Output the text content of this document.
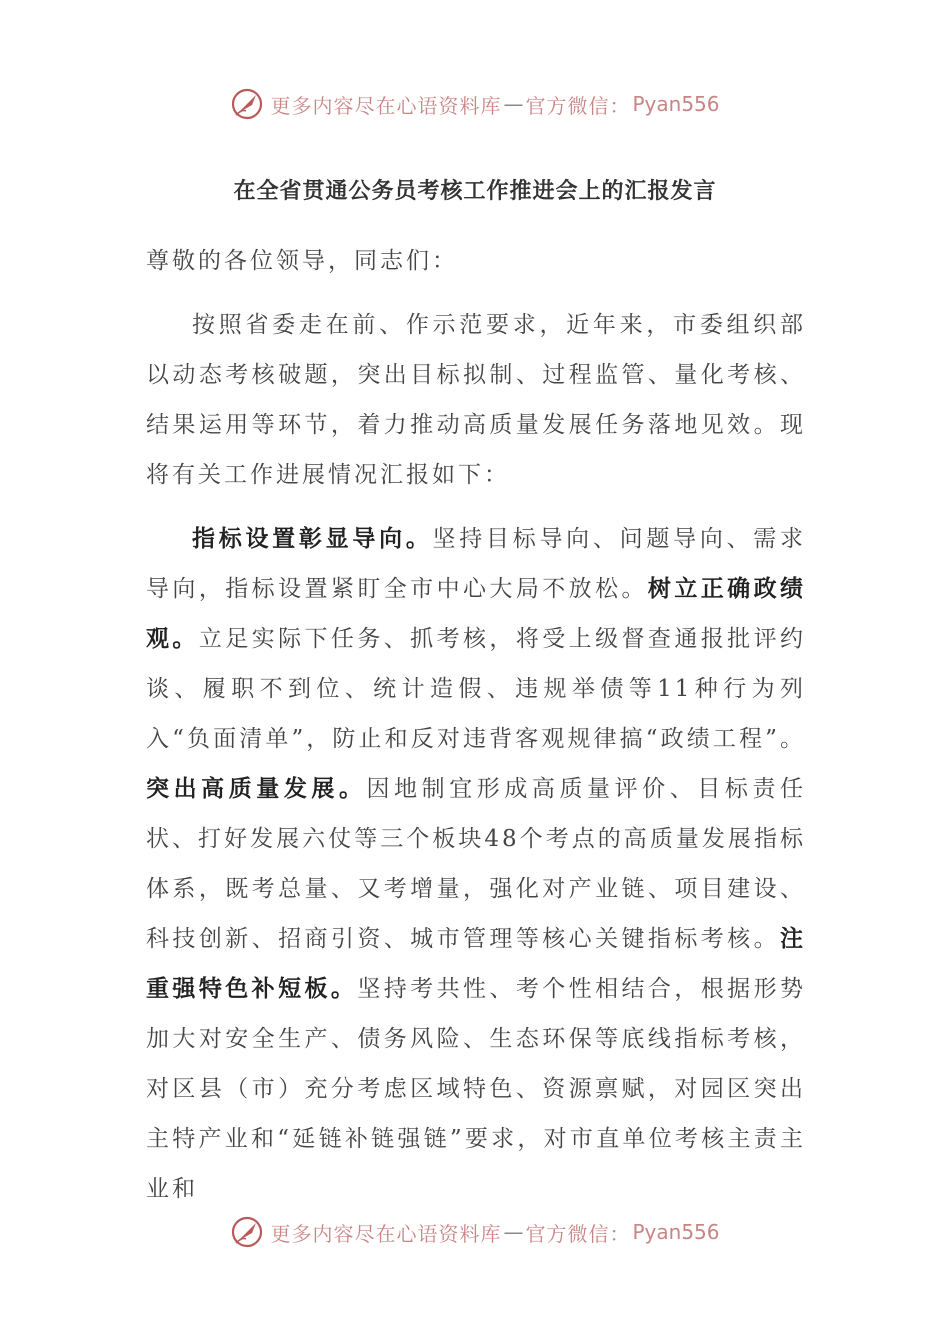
更多内容尽在心语资料库 — 官方微信： Pyan556
在全省贯通公务员考核工作推进会上的汇报发言

尊敬的各位领导，同志们：

按照省委走在前、作示范要求，近年来，市委组织部以动态考核破题，突出目标拟制、过程监管、量化考核、结果运用等环节，着力推动高质量发展任务落地见效。现将有关工作进展情况汇报如下：

指标设置彰显导向。坚持目标导向、问题导向、需求导向，指标设置紧盯全市中心大局不放松。树立正确政绩观。立足实际下任务、抓考核，将受上级督查通报批评约谈、履职不到位、统计造假、违规举债等11种行为列入“负面清单”，防止和反对违背客观规律搞“政绩工程”。突出高质量发展。因地制宜形成高质量评价、目标责任状、打好发展六仗等三个板块48个考点的高质量发展指标体系，既考总量、又考增量，强化对产业链、项目建设、科技创新、招商引资、城市管理等核心关键指标考核。注重强特色补短板。坚持考共性、考个性相结合，根据形势加大对安全生产、债务风险、生态环保等底线指标考核，对区县（市）充分考虑区域特色、资源禀赋，对园区突出主特产业和“延链补链强链”要求，对市直单位考核主责主业和

更多内容尽在心语资料库 — 官方微信： Pyan556
